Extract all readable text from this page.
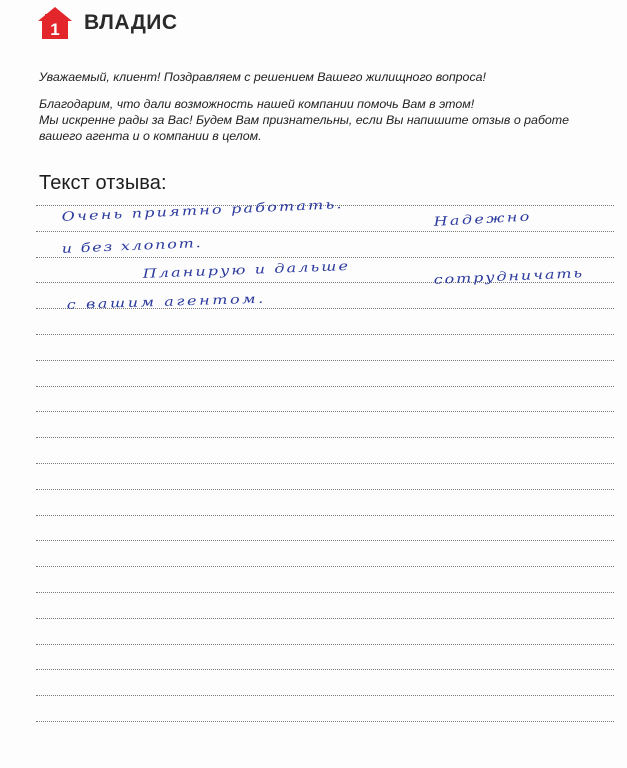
1 ВЛАДИС
Уважаемый, клиент! Поздравляем с решением Вашего жилищного вопроса!
Благодарим, что дали возможность нашей компании помочь Вам в этом!
Мы искренне рады за Вас! Будем Вам признательны, если Вы напишите отзыв о работе
вашего агента и о компании в целом.
Текст отзыва:
Очень приятно работать.	Надежно
и без хлопот.
Планирую и дальше	сотрудничать
с вашим агентом.
